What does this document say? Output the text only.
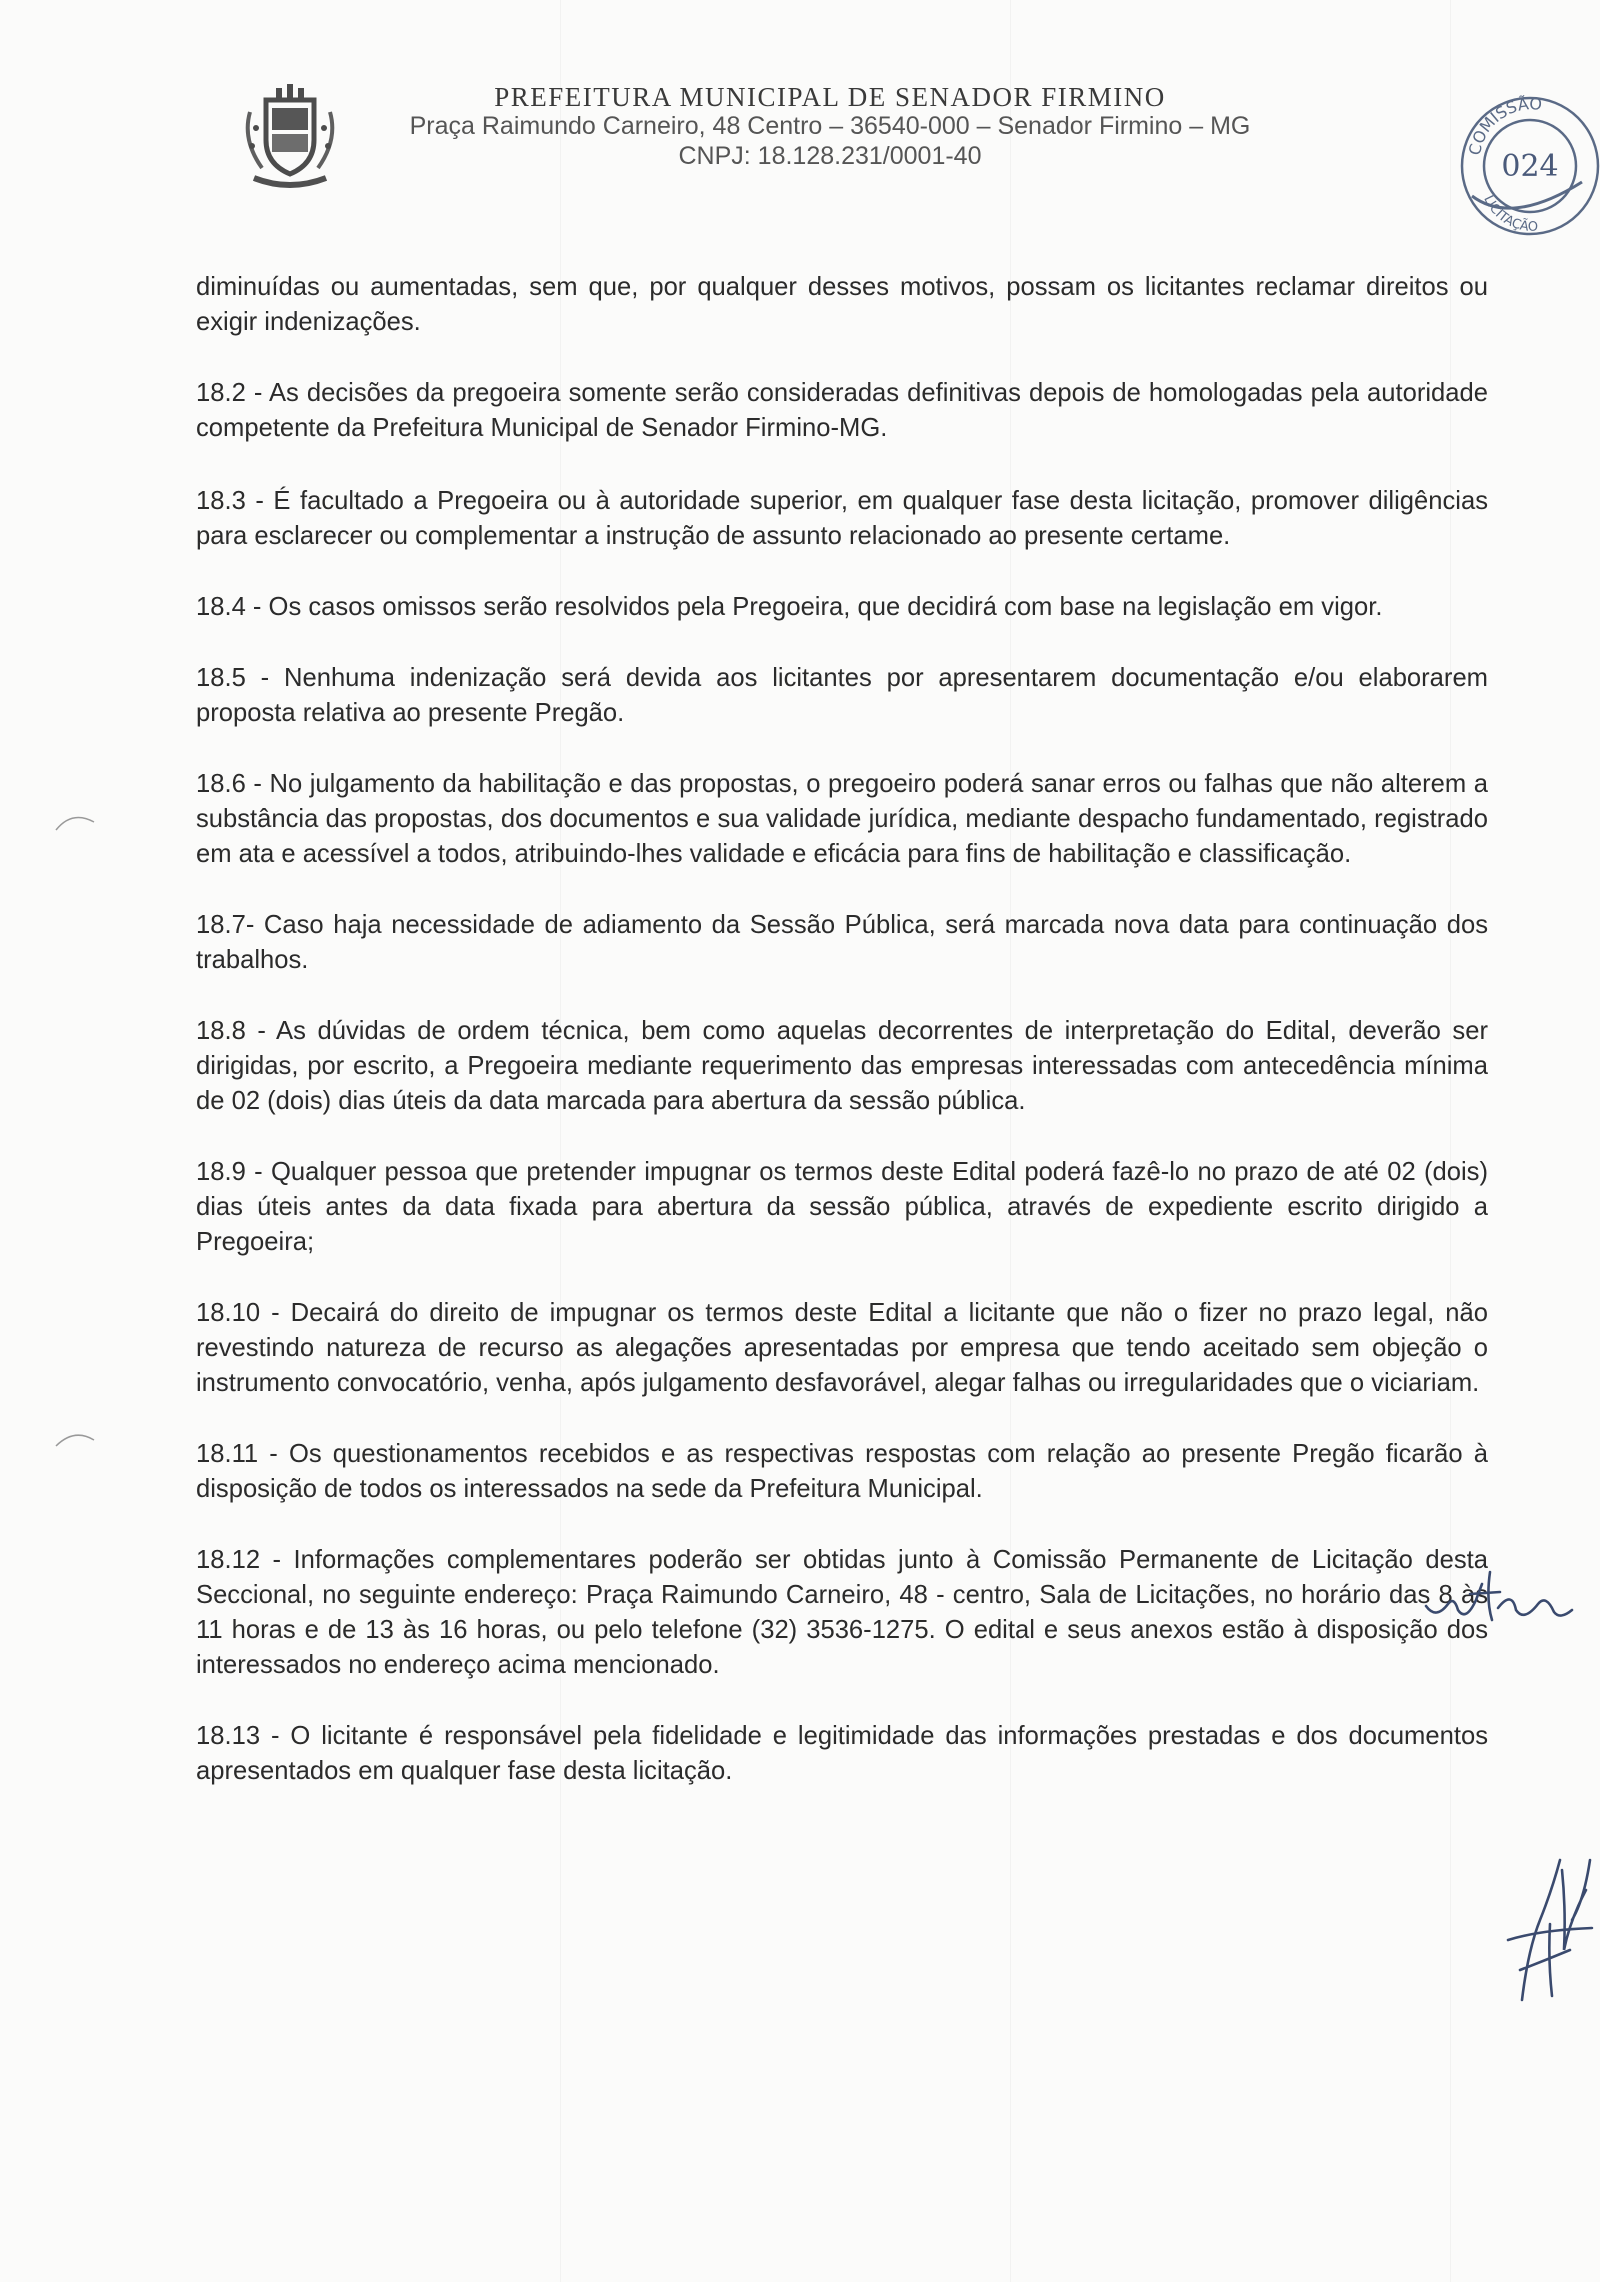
PREFEITURA MUNICIPAL DE SENADOR FIRMINO
Praça Raimundo Carneiro, 48 Centro – 36540-000 – Senador Firmino – MG
CNPJ: 18.128.231/0001-40	COMISSÃO
LICITAÇÃO
024

diminuídas ou aumentadas, sem que, por qualquer desses motivos, possam os licitantes reclamar direitos ou exigir indenizações.

18.2 - As decisões da pregoeira somente serão consideradas definitivas depois de homologadas pela autoridade competente da Prefeitura Municipal de Senador Firmino-MG.

18.3 - É facultado a Pregoeira ou à autoridade superior, em qualquer fase desta licitação, promover diligências para esclarecer ou complementar a instrução de assunto relacionado ao presente certame.

18.4 - Os casos omissos serão resolvidos pela Pregoeira, que decidirá com base na legislação em vigor.

18.5 - Nenhuma indenização será devida aos licitantes por apresentarem documentação e/ou elaborarem proposta relativa ao presente Pregão.

18.6 - No julgamento da habilitação e das propostas, o pregoeiro poderá sanar erros ou falhas que não alterem a substância das propostas, dos documentos e sua validade jurídica, mediante despacho fundamentado, registrado em ata e acessível a todos, atribuindo-lhes validade e eficácia para fins de habilitação e classificação.

18.7- Caso haja necessidade de adiamento da Sessão Pública, será marcada nova data para continuação dos trabalhos.

18.8 - As dúvidas de ordem técnica, bem como aquelas decorrentes de interpretação do Edital, deverão ser dirigidas, por escrito, a Pregoeira mediante requerimento das empresas interessadas com antecedência mínima de 02 (dois) dias úteis da data marcada para abertura da sessão pública.

18.9 - Qualquer pessoa que pretender impugnar os termos deste Edital poderá fazê-lo no prazo de até 02 (dois) dias úteis antes da data fixada para abertura da sessão pública, através de expediente escrito dirigido a Pregoeira;

18.10 - Decairá do direito de impugnar os termos deste Edital a licitante que não o fizer no prazo legal, não revestindo natureza de recurso as alegações apresentadas por empresa que tendo aceitado sem objeção o instrumento convocatório, venha, após julgamento desfavorável, alegar falhas ou irregularidades que o viciariam.

18.11 - Os questionamentos recebidos e as respectivas respostas com relação ao presente Pregão ficarão à disposição de todos os interessados na sede da Prefeitura Municipal.

18.12 - Informações complementares poderão ser obtidas junto à Comissão Permanente de Licitação desta Seccional, no seguinte endereço: Praça Raimundo Carneiro, 48 - centro, Sala de Licitações, no horário das 8 às 11 horas e de 13 às 16 horas, ou pelo telefone (32) 3536-1275. O edital e seus anexos estão à disposição dos interessados no endereço acima mencionado.

18.13 - O licitante é responsável pela fidelidade e legitimidade das informações prestadas e dos documentos apresentados em qualquer fase desta licitação.
